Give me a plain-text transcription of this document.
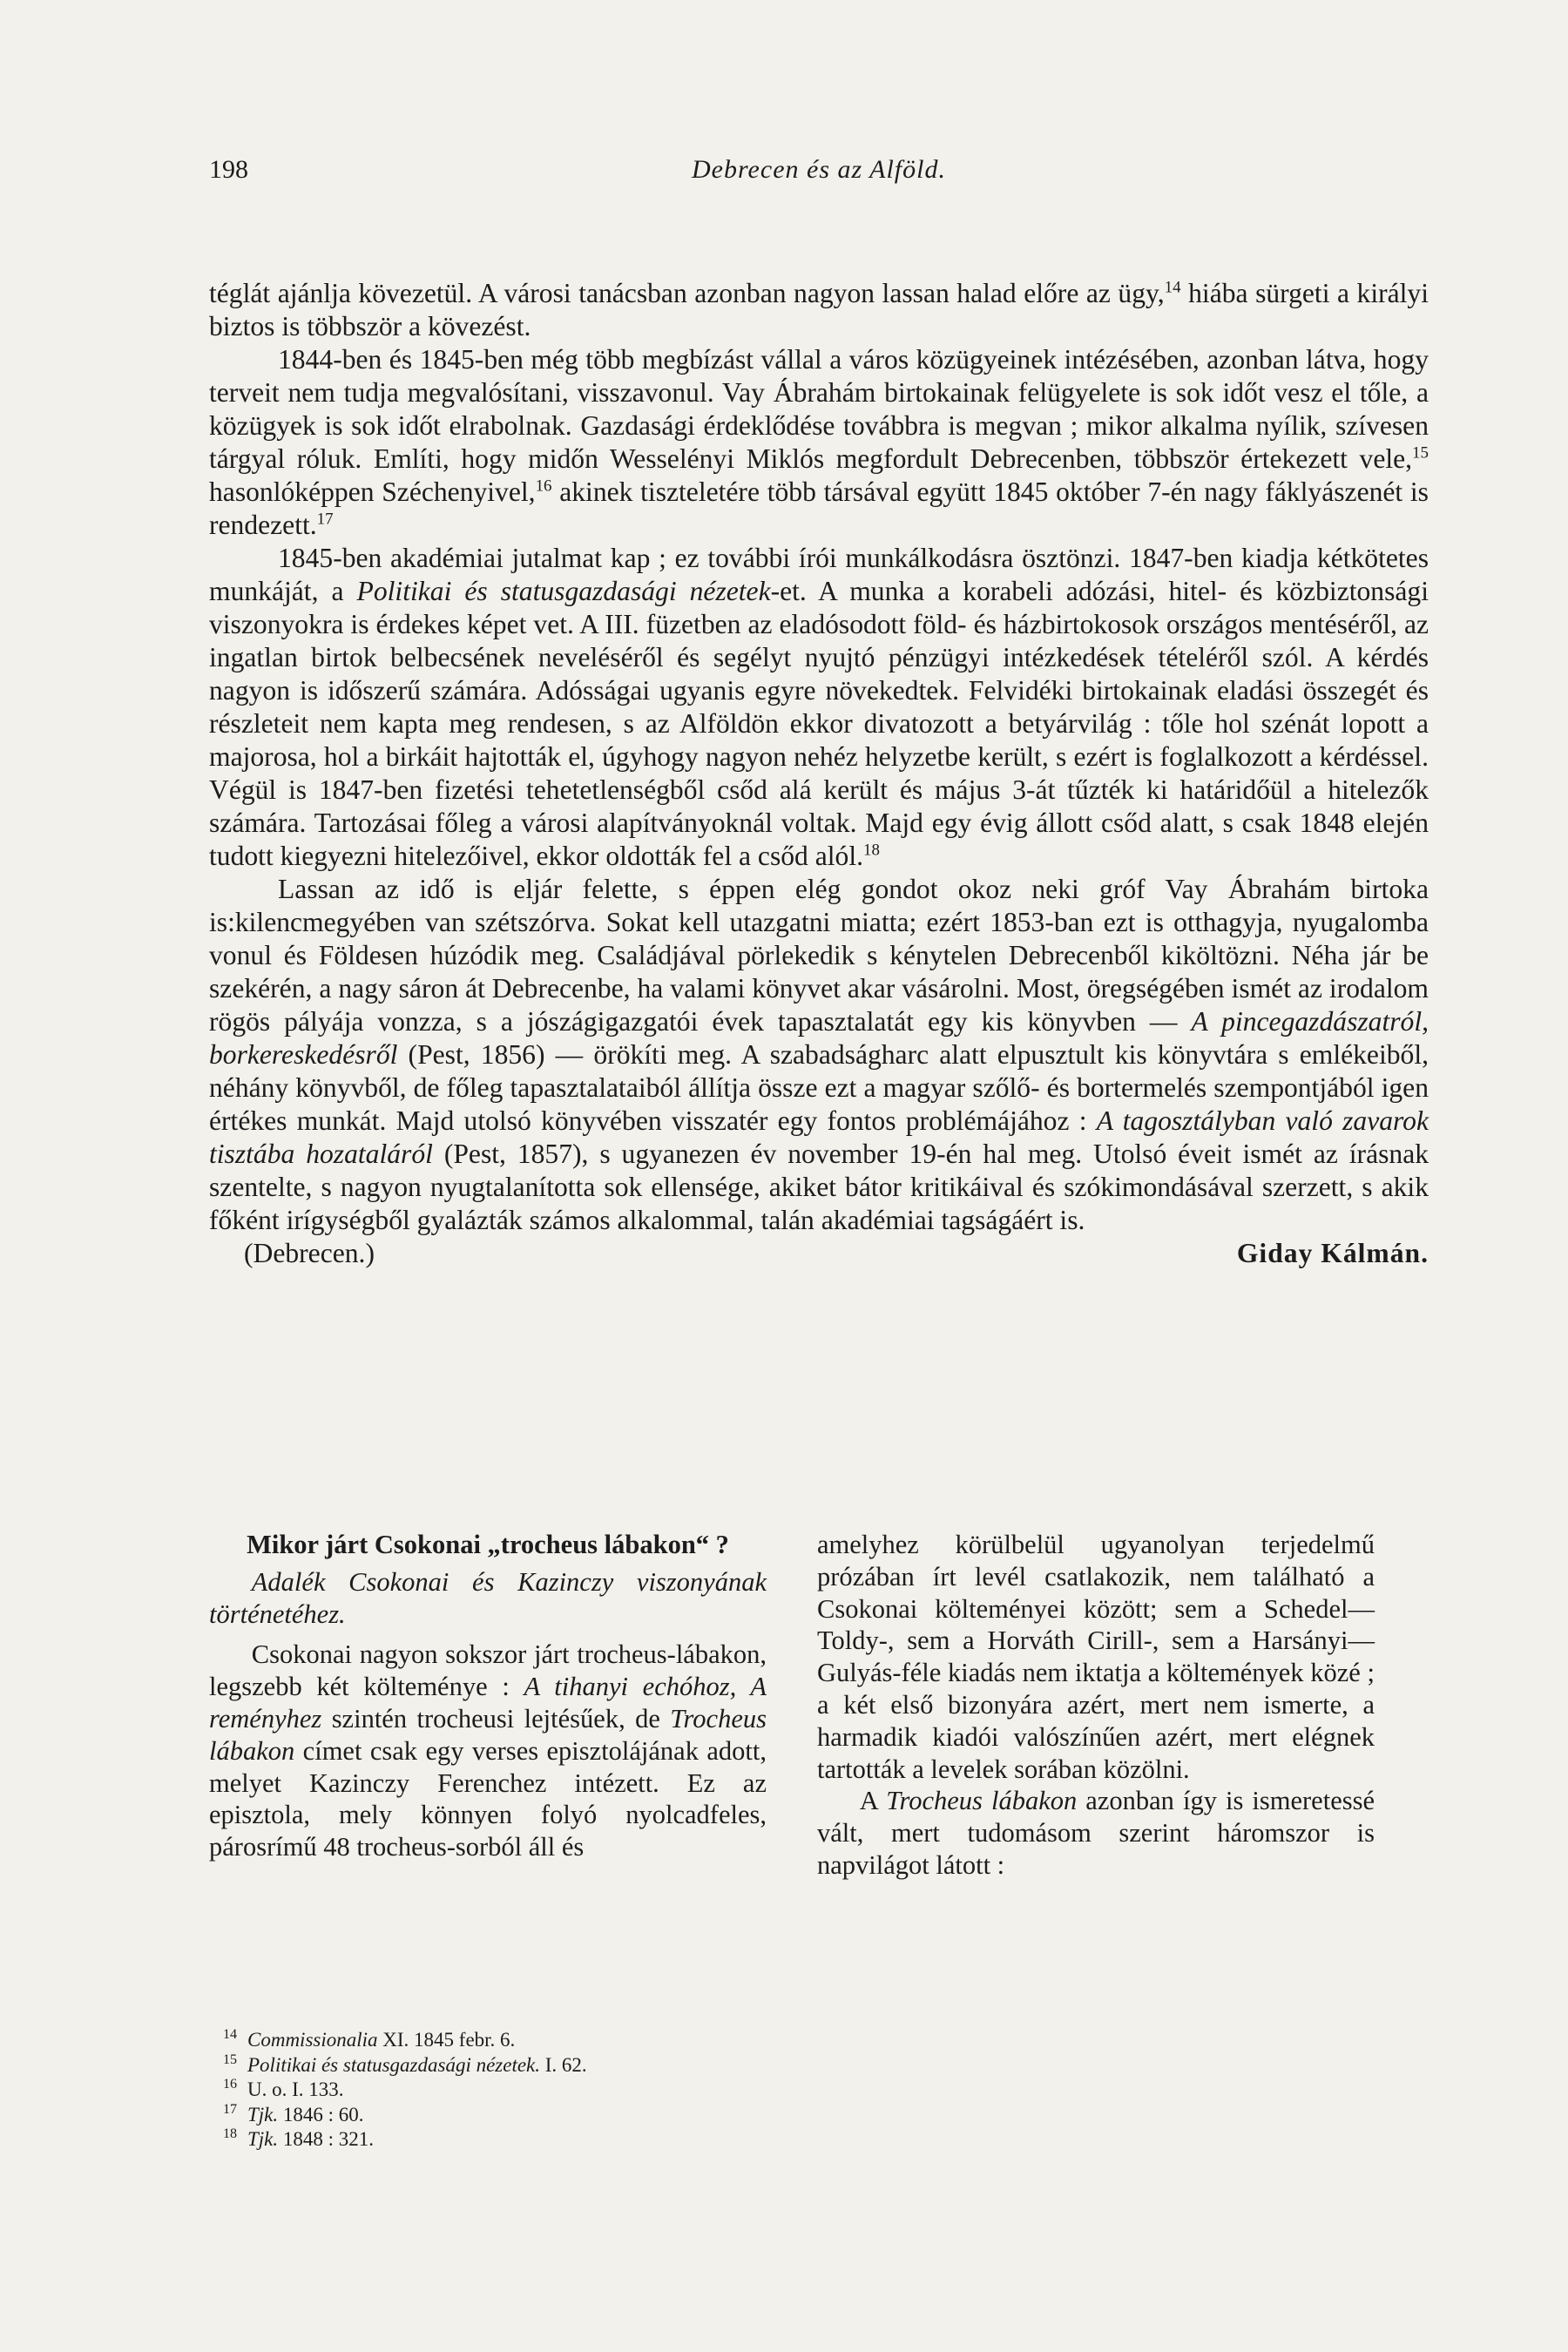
198	Debrecen és az Alföld.

téglát ajánlja kövezetül. A városi tanácsban azonban nagyon lassan halad előre az ügy,$^{14}$ hiába sürgeti a királyi biztos is többször a kövezést.

1844-ben és 1845-ben még több megbízást vállal a város közügyeinek intézésében, azonban látva, hogy terveit nem tudja megvalósítani, visszavonul. Vay Ábrahám birtokainak felügyelete is sok időt vesz el tőle, a közügyek is sok időt elrabolnak. Gazdasági érdeklődése továbbra is megvan ; mikor alkalma nyílik, szívesen tárgyal róluk. Említi, hogy midőn Wesselényi Miklós megfordult Debrecenben, többször értekezett vele,$^{15}$ hasonlóképpen Széchenyivel,$^{16}$ akinek tiszteletére több társával együtt 1845 október 7-én nagy fáklyászenét is rendezett.$^{17}$

1845-ben akadémiai jutalmat kap ; ez további írói munkálkodásra ösztönzi. 1847-ben kiadja kétkötetes munkáját, a Politikai és statusgazdasági nézetek-et. A munka a korabeli adózási, hitel- és közbiztonsági viszonyokra is érdekes képet vet. A III. füzetben az eladósodott föld- és házbirtokosok országos mentéséről, az ingatlan birtok belbecsének neveléséről és segélyt nyujtó pénzügyi intézkedések tételéről szól. A kérdés nagyon is időszerű számára. Adósságai ugyanis egyre növekedtek. Felvidéki birtokainak eladási összegét és részleteit nem kapta meg rendesen, s az Alföldön ekkor divatozott a betyárvilág : tőle hol szénát lopott a majorosa, hol a birkáit hajtották el, úgyhogy nagyon nehéz helyzetbe került, s ezért is foglalkozott a kérdéssel. Végül is 1847-ben fizetési tehetetlenségből csőd alá került és május 3-át tűzték ki határidőül a hitelezők számára. Tartozásai főleg a városi alapítványoknál voltak. Majd egy évig állott csőd alatt, s csak 1848 elején tudott kiegyezni hitelezőivel, ekkor oldották fel a csőd alól.$^{18}$

Lassan az idő is eljár felette, s éppen elég gondot okoz neki gróf Vay Ábrahám birtoka is:kilencmegyében van szétszórva. Sokat kell utazgatni miatta; ezért 1853-ban ezt is otthagyja, nyugalomba vonul és Földesen húzódik meg. Családjával pörlekedik s kénytelen Debrecenből kiköltözni. Néha jár be szekérén, a nagy sáron át Debrecenbe, ha valami könyvet akar vásárolni. Most, öregségében ismét az irodalom rögös pályája vonzza, s a jószágigazgatói évek tapasztalatát egy kis könyvben — A pincegazdászatról, borkereskedésről (Pest, 1856) — örökíti meg. A szabadságharc alatt elpusztult kis könyvtára s emlékeiből, néhány könyvből, de főleg tapasztalataiból állítja össze ezt a magyar szőlő- és bortermelés szempontjából igen értékes munkát. Majd utolsó könyvében visszatér egy fontos problémájához : A tagosztályban való zavarok tisztába hozataláról (Pest, 1857), s ugyanezen év november 19-én hal meg. Utolsó éveit ismét az írásnak szentelte, s nagyon nyugtalanította sok ellensége, akiket bátor kritikáival és szókimondásával szerzett, s akik főként irígységből gyalázták számos alkalommal, talán akadémiai tagságáért is.

(Debrecen.)	Giday Kálmán.
Mikor járt Csokonai „trocheus lábakon“ ?

Adalék Csokonai és Kazinczy viszonyának történetéhez.

Csokonai nagyon sokszor járt trocheus-lábakon, legszebb két költeménye : A tihanyi echóhoz, A reményhez szintén trocheusi lejtésűek, de Trocheus lábakon címet csak egy verses episztolájának adott, melyet Kazinczy Ferenchez intézett. Ez az episztola, mely könnyen folyó nyolcadfeles, párosrímű 48 trocheus-sorból áll és

amelyhez körülbelül ugyanolyan terjedelmű prózában írt levél csatlakozik, nem található a Csokonai költeményei között; sem a Schedel—Toldy-, sem a Horváth Cirill-, sem a Harsányi—Gulyás-féle kiadás nem iktatja a költemények közé ; a két első bizonyára azért, mert nem ismerte, a harmadik kiadói valószínűen azért, mert elégnek tartották a levelek sorában közölni.

A Trocheus lábakon azonban így is ismeretessé vált, mert tudomásom szerint háromszor is napvilágot látott :

$^{14}$ Commissionalia XI. 1845 febr. 6.
$^{15}$ Politikai és statusgazdasági nézetek. I. 62.
$^{16}$ U. o. I. 133.
$^{17}$ Tjk. 1846 : 60.
$^{18}$ Tjk. 1848 : 321.
